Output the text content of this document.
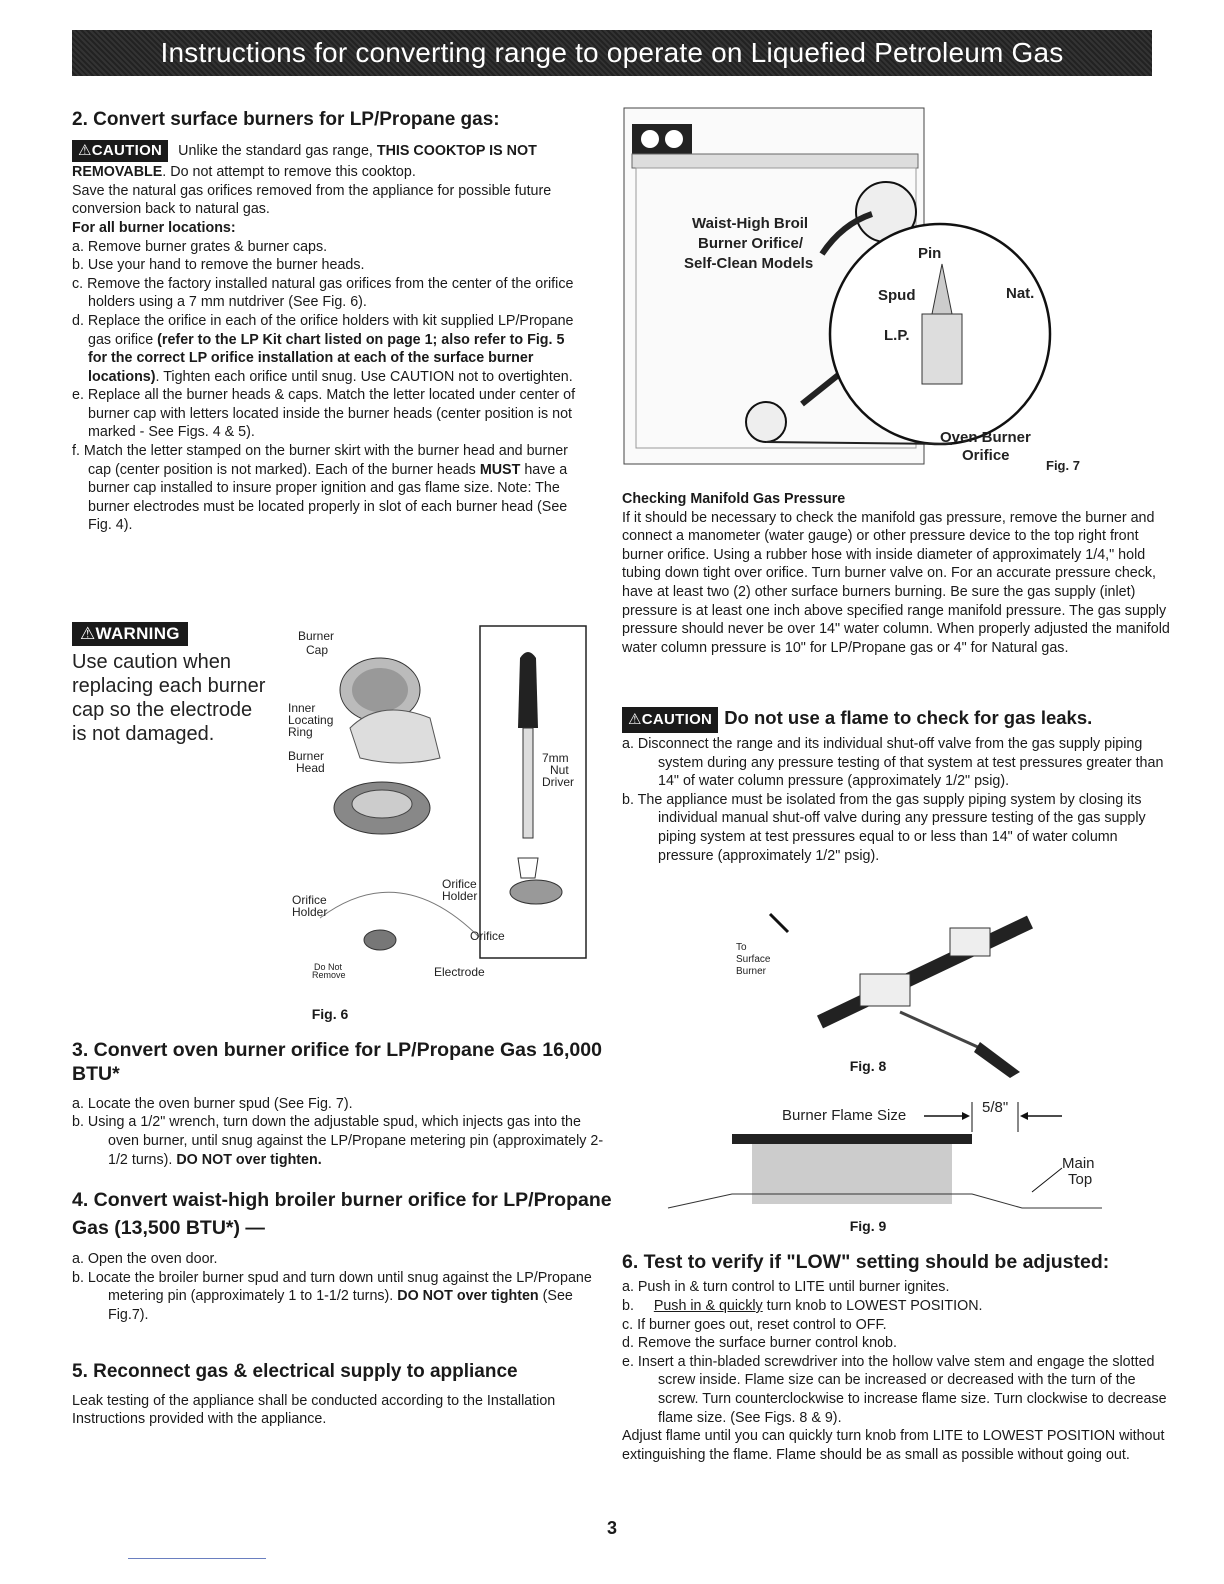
Instructions for converting range to operate on Liquefied Petroleum Gas
2. Convert surface burners for LP/Propane gas:
⚠CAUTION Unlike the standard gas range, THIS COOKTOP IS NOT REMOVABLE. Do not attempt to remove this cooktop.

Save the natural gas orifices removed from the appliance for possible future conversion back to natural gas.

For all burner locations:

a. Remove burner grates & burner caps.
b. Use your hand to remove the burner heads.
c. Remove the factory installed natural gas orifices from the center of the orifice holders using a 7 mm nutdriver (See Fig. 6).
d. Replace the orifice in each of the orifice holders with kit supplied LP/Propane gas orifice (refer to the LP Kit chart listed on page 1; also refer to Fig. 5 for the correct LP orifice installation at each of the surface burner locations). Tighten each orifice until snug. Use CAUTION not to overtighten.
e. Replace all the burner heads & caps. Match the letter located under center of burner cap with letters located inside the burner heads (center position is not marked - See Figs. 4 & 5).
f. Match the letter stamped on the burner skirt with the burner head and burner cap (center position is not marked). Each of the burner heads MUST have a burner cap installed to insure proper ignition and gas flame size. Note: The burner electrodes must be located properly in slot of each burner head (See Fig. 4).
⚠WARNING
Use caution when replacing each burner cap so the electrode is not damaged.
Burner
Cap
Inner
Locating
Ring
Burner
Head
7mm
Nut
Driver
Orifice
Holder
Orifice
Holder
Orifice
Do Not
Remove	Electrode
Fig. 6
3. Convert oven burner orifice for LP/Propane Gas 16,000 BTU*
a. Locate the oven burner spud (See Fig. 7).
b. Using a 1/2" wrench, turn down the adjustable spud, which injects gas into the oven burner, until snug against the LP/Propane metering pin (approximately 2-1/2 turns). DO NOT over tighten.
4. Convert waist-high broiler burner orifice for LP/Propane Gas (13,500 BTU*) —
a. Open the oven door.
b. Locate the broiler burner spud and turn down until snug against the LP/Propane metering pin (approximately 1 to 1-1/2 turns). DO NOT over tighten (See Fig.7).
5. Reconnect gas & electrical supply to appliance

Leak testing of the appliance shall be conducted according to the Installation Instructions provided with the appliance.

Waist-High Broil
Burner Orifice/
Self-Clean Models
Pin
Spud	Nat.
L.P.
Oven Burner
Orifice
Fig. 7

Checking Manifold Gas Pressure

If it should be necessary to check the manifold gas pressure, remove the burner and connect a manometer (water gauge) or other pressure device to the top right front burner orifice. Using a rubber hose with inside diameter of approximately 1/4," hold tubing down tight over orifice. Turn burner valve on. For an accurate pressure check, have at least two (2) other surface burners burning. Be sure the gas supply (inlet) pressure is at least one inch above specified range manifold pressure. The gas supply pressure should never be over 14" water column. When properly adjusted the manifold water column pressure is 10" for LP/Propane gas or 4" for Natural gas.

⚠CAUTION Do not use a flame to check for gas leaks.
a. Disconnect the range and its individual shut-off valve from the gas supply piping system during any pressure testing of that system at test pressures greater than 14" of water column pressure (approximately 1/2" psig).
b. The appliance must be isolated from the gas supply piping system by closing its individual manual shut-off valve during any pressure testing of the gas supply piping system at test pressures equal to or less than 14" of water column pressure (approximately 1/2" psig).
To
Surface
Burner
Fig. 8
Burner Flame Size	5/8"
Main
Top
Fig. 9
6. Test to verify if "LOW" setting should be adjusted:
a. Push in & turn control to LITE until burner ignites.
b. Push in & quickly turn knob to LOWEST POSITION.
c. If burner goes out, reset control to OFF.
d. Remove the surface burner control knob.
e. Insert a thin-bladed screwdriver into the hollow valve stem and engage the slotted screw inside. Flame size can be increased or decreased with the turn of the screw. Turn counterclockwise to increase flame size. Turn clockwise to decrease flame size. (See Figs. 8 & 9).

Adjust flame until you can quickly turn knob from LITE to LOWEST POSITION without extinguishing the flame. Flame should be as small as possible without going out.

3
